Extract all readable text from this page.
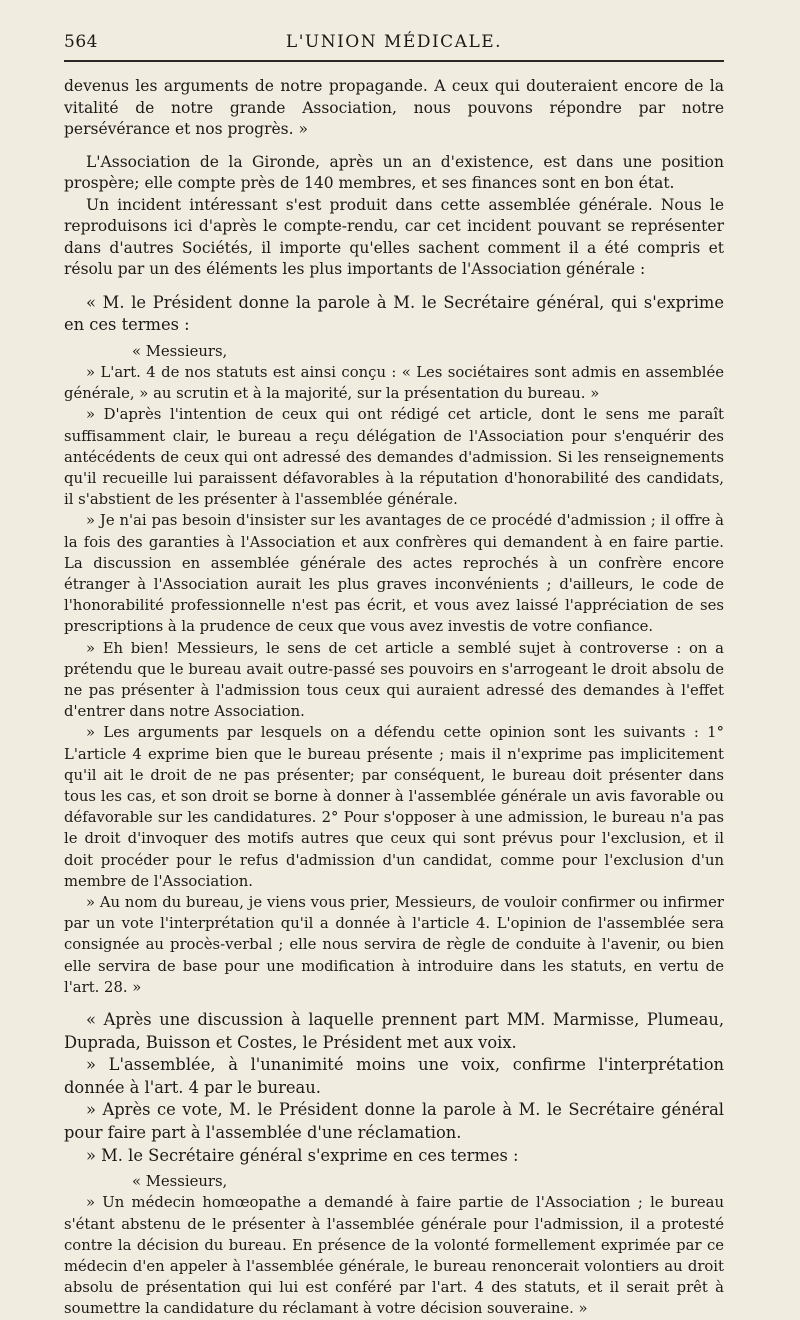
564	L'UNION MÉDICALE.

devenus les arguments de notre propagande. A ceux qui douteraient encore de la vitalité de notre grande Association, nous pouvons répondre par notre persévérance et nos progrès. »

L'Association de la Gironde, après un an d'existence, est dans une position prospère; elle compte près de 140 membres, et ses finances sont en bon état.

Un incident intéressant s'est produit dans cette assemblée générale. Nous le reproduisons ici d'après le compte-rendu, car cet incident pouvant se représenter dans d'autres Sociétés, il importe qu'elles sachent comment il a été compris et résolu par un des éléments les plus importants de l'Association générale :

« M. le Président donne la parole à M. le Secrétaire général, qui s'exprime en ces termes :

« Messieurs,

» L'art. 4 de nos statuts est ainsi conçu : « Les sociétaires sont admis en assemblée générale, » au scrutin et à la majorité, sur la présentation du bureau. »

» D'après l'intention de ceux qui ont rédigé cet article, dont le sens me paraît suffisamment clair, le bureau a reçu délégation de l'Association pour s'enquérir des antécédents de ceux qui ont adressé des demandes d'admission. Si les renseignements qu'il recueille lui paraissent défavorables à la réputation d'honorabilité des candidats, il s'abstient de les présenter à l'assemblée générale.

» Je n'ai pas besoin d'insister sur les avantages de ce procédé d'admission ; il offre à la fois des garanties à l'Association et aux confrères qui demandent à en faire partie. La discussion en assemblée générale des actes reprochés à un confrère encore étranger à l'Association aurait les plus graves inconvénients ; d'ailleurs, le code de l'honorabilité professionnelle n'est pas écrit, et vous avez laissé l'appréciation de ses prescriptions à la prudence de ceux que vous avez investis de votre confiance.

» Eh bien! Messieurs, le sens de cet article a semblé sujet à controverse : on a prétendu que le bureau avait outre-passé ses pouvoirs en s'arrogeant le droit absolu de ne pas présenter à l'admission tous ceux qui auraient adressé des demandes à l'effet d'entrer dans notre Association.

» Les arguments par lesquels on a défendu cette opinion sont les suivants : 1° L'article 4 exprime bien que le bureau présente ; mais il n'exprime pas implicitement qu'il ait le droit de ne pas présenter; par conséquent, le bureau doit présenter dans tous les cas, et son droit se borne à donner à l'assemblée générale un avis favorable ou défavorable sur les candidatures. 2° Pour s'opposer à une admission, le bureau n'a pas le droit d'invoquer des motifs autres que ceux qui sont prévus pour l'exclusion, et il doit procéder pour le refus d'admission d'un candidat, comme pour l'exclusion d'un membre de l'Association.

» Au nom du bureau, je viens vous prier, Messieurs, de vouloir confirmer ou infirmer par un vote l'interprétation qu'il a donnée à l'article 4. L'opinion de l'assemblée sera consignée au procès-verbal ; elle nous servira de règle de conduite à l'avenir, ou bien elle servira de base pour une modification à introduire dans les statuts, en vertu de l'art. 28. »

« Après une discussion à laquelle prennent part MM. Marmisse, Plumeau, Duprada, Buisson et Costes, le Président met aux voix.

» L'assemblée, à l'unanimité moins une voix, confirme l'interprétation donnée à l'art. 4 par le bureau.

» Après ce vote, M. le Président donne la parole à M. le Secrétaire général pour faire part à l'assemblée d'une réclamation.

» M. le Secrétaire général s'exprime en ces termes :

« Messieurs,

» Un médecin homœopathe a demandé à faire partie de l'Association ; le bureau s'étant abstenu de le présenter à l'assemblée générale pour l'admission, il a protesté contre la décision du bureau. En présence de la volonté formellement exprimée par ce médecin d'en appeler à l'assemblée générale, le bureau renoncerait volontiers au droit absolu de présentation qui lui est conféré par l'art. 4 des statuts, et il serait prêt à soumettre la candidature du réclamant à votre décision souveraine. »
